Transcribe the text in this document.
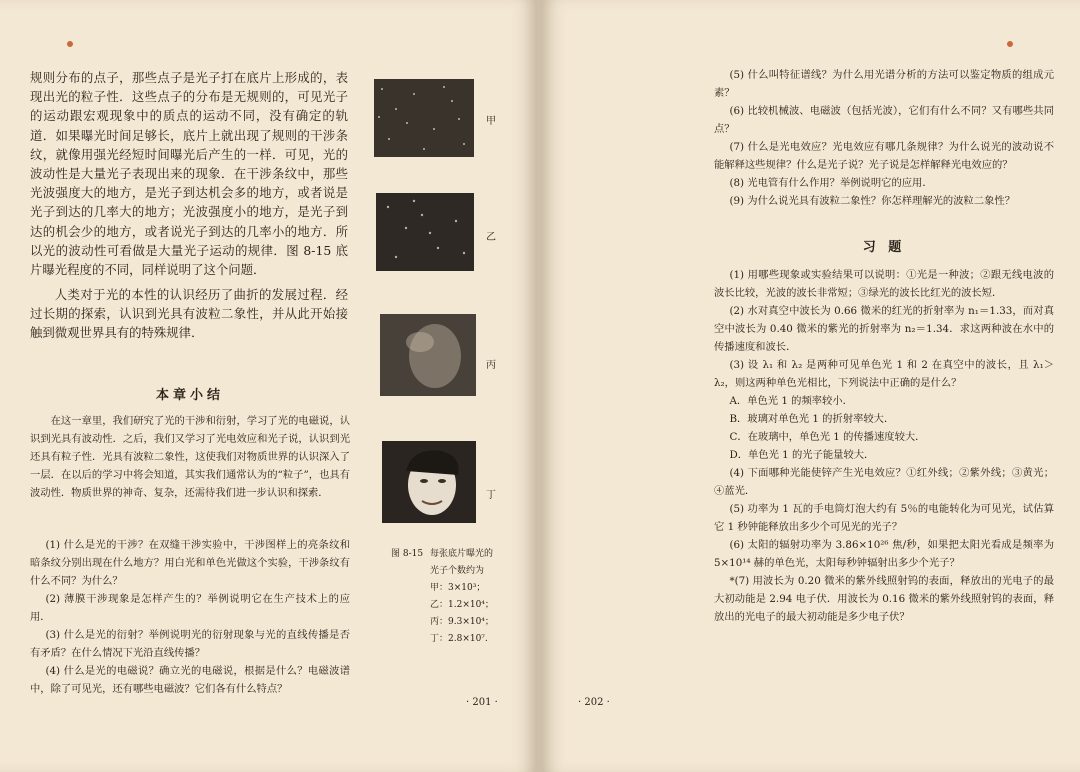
规则分布的点子，那些点子是光子打在底片上形成的，表现出光的粒子性．这些点子的分布是无规则的，可见光子的运动跟宏观现象中的质点的运动不同，没有确定的轨道．如果曝光时间足够长，底片上就出现了规则的干涉条纹，就像用强光经短时间曝光后产生的一样．可见，光的波动性是大量光子表现出来的现象．在干涉条纹中，那些光波强度大的地方，是光子到达机会多的地方，或者说是光子到达的几率大的地方；光波强度小的地方，是光子到达的机会少的地方，或者说光子到达的几率小的地方．所以光的波动性可看做是大量光子运动的规律．图 8-15 底片曝光程度的不同，同样说明了这个问题．

人类对于光的本性的认识经历了曲折的发展过程．经过长期的探索，认识到光具有波粒二象性，并从此开始接触到微观世界具有的特殊规律．

本章小结

在这一章里，我们研究了光的干涉和衍射，学习了光的电磁说，认识到光具有波动性．之后，我们又学习了光电效应和光子说，认识到光还具有粒子性．光具有波粒二象性，这使我们对物质世界的认识深入了一层．在以后的学习中将会知道，其实我们通常认为的“粒子”，也具有波动性．物质世界的神奇、复杂，还需待我们进一步认识和探索．

(1) 什么是光的干涉？在双缝干涉实验中，干涉图样上的亮条纹和暗条纹分别出现在什么地方？用白光和单色光做这个实验，干涉条纹有什么不同？为什么？

(2) 薄膜干涉现象是怎样产生的？举例说明它在生产技术上的应用．

(3) 什么是光的衍射？举例说明光的衍射现象与光的直线传播是否有矛盾？在什么情况下光沿直线传播？

(4) 什么是光的电磁说？确立光的电磁说，根据是什么？电磁波谱中，除了可见光，还有哪些电磁波？它们各有什么特点？

甲
乙
丙
丁
图 8-15 每张底片曝光的
光子个数约为
甲：3×10³；
乙：1.2×10⁴；
丙：9.3×10⁴；
丁：2.8×10⁷.
· 201 ·

(5) 什么叫特征谱线？为什么用光谱分析的方法可以鉴定物质的组成元素？

(6) 比较机械波、电磁波（包括光波），它们有什么不同？又有哪些共同点？

(7) 什么是光电效应？光电效应有哪几条规律？为什么说光的波动说不能解释这些规律？什么是光子说？光子说是怎样解释光电效应的？

(8) 光电管有什么作用？举例说明它的应用．

(9) 为什么说光具有波粒二象性？你怎样理解光的波粒二象性？

习 题

(1) 用哪些现象或实验结果可以说明：①光是一种波；②跟无线电波的波长比较，光波的波长非常短；③绿光的波长比红光的波长短．

(2) 水对真空中波长为 0.66 微米的红光的折射率为 n₁＝1.33，而对真空中波长为 0.40 微米的紫光的折射率为 n₂＝1.34．求这两种波在水中的传播速度和波长．

(3) 设 λ₁ 和 λ₂ 是两种可见单色光 1 和 2 在真空中的波长，且 λ₁＞λ₂，则这两种单色光相比，下列说法中正确的是什么？

A．单色光 1 的频率较小．
B．玻璃对单色光 1 的折射率较大．
C．在玻璃中，单色光 1 的传播速度较大．
D．单色光 1 的光子能量较大．

(4) 下面哪种光能使锌产生光电效应？①红外线；②紫外线；③黄光；④蓝光．

(5) 功率为 1 瓦的手电筒灯泡大约有 5％的电能转化为可见光，试估算它 1 秒钟能释放出多少个可见光的光子？

(6) 太阳的辐射功率为 3.86×10²⁶ 焦/秒，如果把太阳光看成是频率为 5×10¹⁴ 赫的单色光，太阳每秒钟辐射出多少个光子？

*(7) 用波长为 0.20 微米的紫外线照射钨的表面，释放出的光电子的最大初动能是 2.94 电子伏．用波长为 0.16 微米的紫外线照射钨的表面，释放出的光电子的最大初动能是多少电子伏？

· 202 ·
